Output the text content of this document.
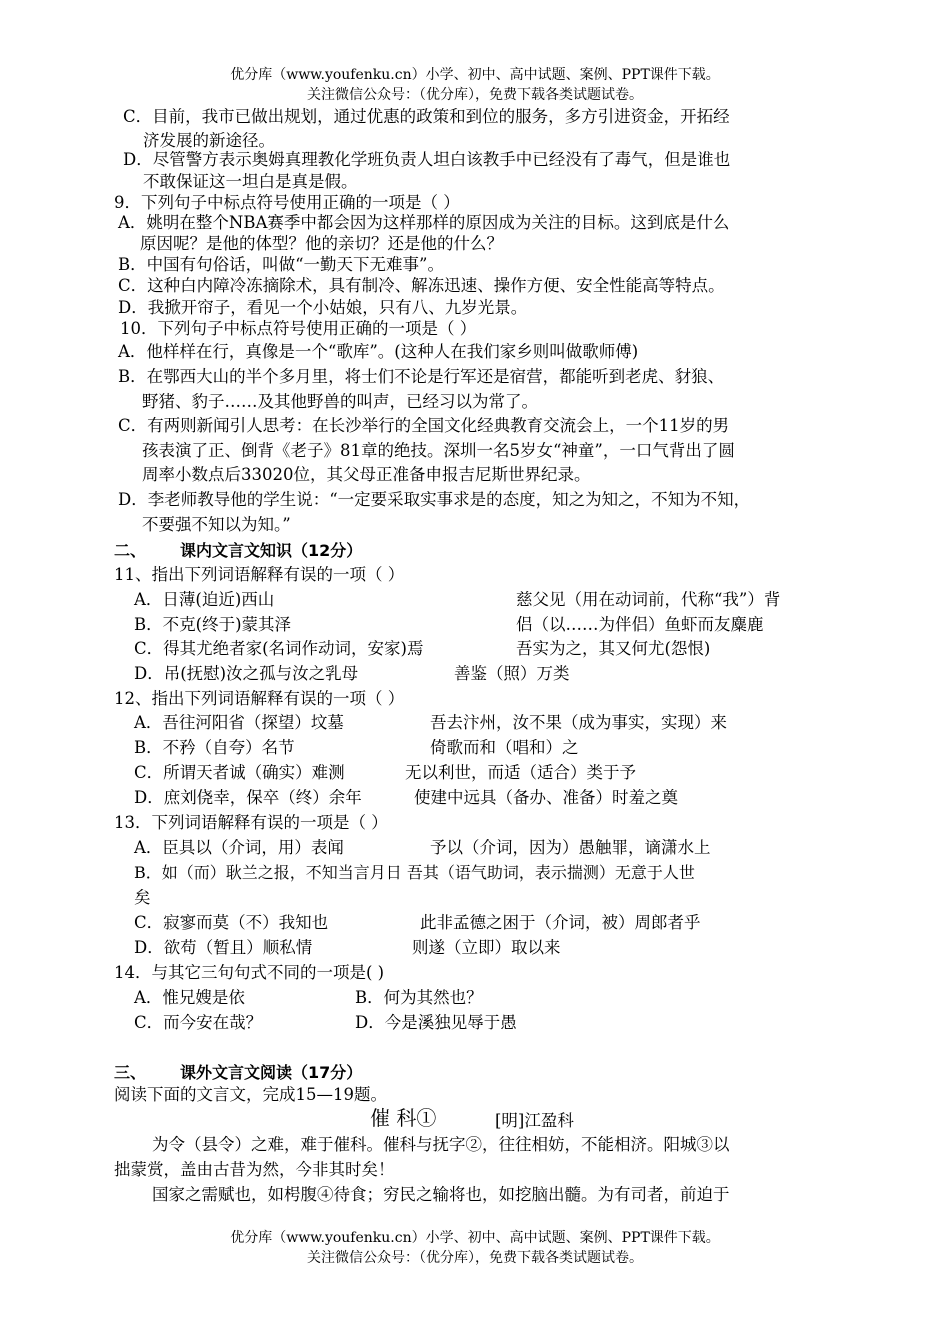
优分库（www.youfenku.cn）小学、初中、高中试题、案例、PPT课件下载。
关注微信公众号：（优分库），免费下载各类试题试卷。
C．目前，我市已做出规划，通过优惠的政策和到位的服务，多方引进资金，开拓经
济发展的新途径。
D．尽管警方表示奥姆真理教化学班负责人坦白该教手中已经没有了毒气，但是谁也
不敢保证这一坦白是真是假。
9．下列句子中标点符号使用正确的一项是（ ）
A．姚明在整个NBA赛季中都会因为这样那样的原因成为关注的目标。这到底是什么
原因呢？是他的体型？他的亲切？还是他的什么？
B．中国有句俗话，叫做“一勤天下无难事”。
C．这种白内障冷冻摘除术，具有制冷、解冻迅速、操作方便、安全性能高等特点。
D．我掀开帘子，看见一个小姑娘，只有八、九岁光景。
10．下列句子中标点符号使用正确的一项是（ ）
A．他样样在行，真像是一个“歌库”。(这种人在我们家乡则叫做歌师傅)
B．在鄂西大山的半个多月里，将士们不论是行军还是宿营，都能听到老虎、豺狼、
野猪、豹子……及其他野兽的叫声，已经习以为常了。
C．有两则新闻引人思考：在长沙举行的全国文化经典教育交流会上，一个11岁的男
孩表演了正、倒背《老子》81章的绝技。深圳一名5岁女“神童”，一口气背出了圆
周率小数点后33020位，其父母正准备申报吉尼斯世界纪录。
D．李老师教导他的学生说：“一定要采取实事求是的态度，知之为知之，不知为不知，
不要强不知以为知。”
二、 课内文言文知识（12分）
11、指出下列词语解释有误的一项（ ）
A．日薄(迫近)西山	慈父见（用在动词前，代称“我”）背
B．不克(终于)蒙其泽	侣（以……为伴侣）鱼虾而友麋鹿
C．得其尤绝者家(名词作动词，安家)焉	吾实为之，其又何尤(怨恨)
D．吊(抚慰)汝之孤与汝之乳母	善鉴（照）万类
12、指出下列词语解释有误的一项（ ）
A．吾往河阳省（探望）坟墓	吾去汴州，汝不果（成为事实，实现）来
B．不矜（自夸）名节	倚歌而和（唱和）之
C．所谓天者诚（确实）难测	无以利世，而适（适合）类于予
D．庶刘侥幸，保卒（终）余年	使建中远具（备办、准备）时羞之奠
13．下列词语解释有误的一项是（ ）
A．臣具以（介词，用）表闻	予以（介词，因为）愚触罪，谪潇水上
B．如（而）耿兰之报，不知当言月日 吾其（语气助词，表示揣测）无意于人世
矣
C．寂寥而莫（不）我知也	此非孟德之困于（介词，被）周郎者乎
D．欲苟（暂且）顺私情	则遂（立即）取以来
14．与其它三句句式不同的一项是( )
A．惟兄嫂是依	B．何为其然也？
C．而今安在哉？	D．今是溪独见辱于愚
三、 课外文言文阅读（17分）
阅读下面的文言文，完成15—19题。
催 科①	[明]江盈科
为令（县令）之难，难于催科。催科与抚字②，往往相妨，不能相济。阳城③以
拙蒙赏，盖由古昔为然，今非其时矣！
国家之需赋也，如枵腹④待食；穷民之输将也，如挖脑出髓。为有司者，前迫于
优分库（www.youfenku.cn）小学、初中、高中试题、案例、PPT课件下载。
关注微信公众号：（优分库），免费下载各类试题试卷。
